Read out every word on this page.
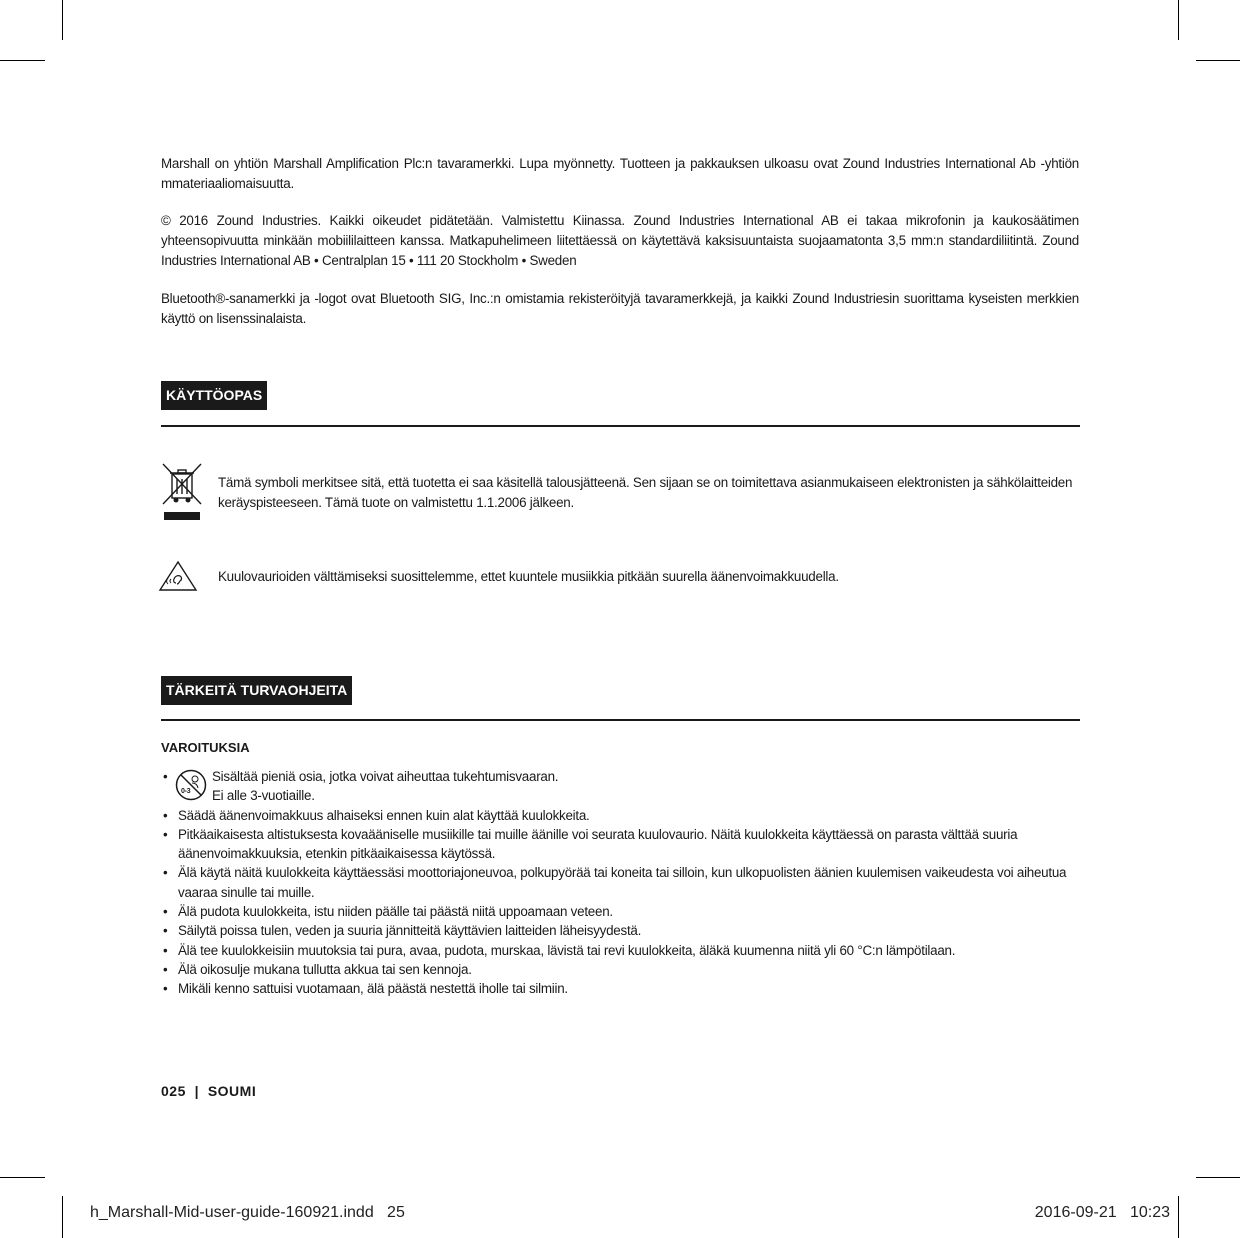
Marshall on yhtiön Marshall Amplification Plc:n tavaramerkki. Lupa myönnetty. Tuotteen ja pakkauksen ulkoasu ovat Zound Industries International Ab -yhtiön mmateriaaliomaisuutta.
© 2016 Zound Industries. Kaikki oikeudet pidätetään. Valmistettu Kiinassa. Zound Industries International AB ei takaa mikrofonin ja kaukosäätimen yhteensopivuutta minkään mobiililaitteen kanssa. Matkapuhelimeen liitettäessä on käytettävä kaksisuuntaista suojaamatonta 3,5 mm:n standardiliitintä. Zound Industries International AB • Centralplan 15 • 111 20 Stockholm • Sweden
Bluetooth®-sanamerkki ja -logot ovat Bluetooth SIG, Inc.:n omistamia rekisteröityjä tavaramerkkejä, ja kaikki Zound Industriesin suorittama kyseisten merkkien käyttö on lisenssinalaista.
KÄYTTÖOPAS
Tämä symboli merkitsee sitä, että tuotetta ei saa käsitellä talousjätteenä. Sen sijaan se on toimitettava asianmukaiseen elektronisten ja sähkölaitteiden keräyspisteeseen. Tämä tuote on valmistettu 1.1.2006 jälkeen.
Kuulovaurioiden välttämiseksi suosittelemme, ettet kuuntele musiikkia pitkään suurella äänenvoimakkuudella.
TÄRKEITÄ TURVAOHJEITA
VAROITUKSIA
•
0-3
Sisältää pieniä osia, jotka voivat aiheuttaa tukehtumisvaaran.
Ei alle 3-vuotiaille.
• Säädä äänenvoimakkuus alhaiseksi ennen kuin alat käyttää kuulokkeita.
• Pitkäaikaisesta altistuksesta kovaääniselle musiikille tai muille äänille voi seurata kuulovaurio. Näitä kuulokkeita käyttäessä on parasta välttää suuria äänenvoimakkuuksia, etenkin pitkäaikaisessa käytössä.
• Älä käytä näitä kuulokkeita käyttäessäsi moottoriajoneuvoa, polkupyörää tai koneita tai silloin, kun ulkopuolisten äänien kuulemisen vaikeudesta voi aiheutua vaaraa sinulle tai muille.
• Älä pudota kuulokkeita, istu niiden päälle tai päästä niitä uppoamaan veteen.
• Säilytä poissa tulen, veden ja suuria jännitteitä käyttävien laitteiden läheisyydestä.
• Älä tee kuulokkeisiin muutoksia tai pura, avaa, pudota, murskaa, lävistä tai revi kuulokkeita, äläkä kuumenna niitä yli 60 °C:n lämpötilaan.
• Älä oikosulje mukana tullutta akkua tai sen kennoja.
• Mikäli kenno sattuisi vuotamaan, älä päästä nestettä iholle tai silmiin.
025  |  SOUMI
h_Marshall-Mid-user-guide-160921.indd   25	2016-09-21   10:23
